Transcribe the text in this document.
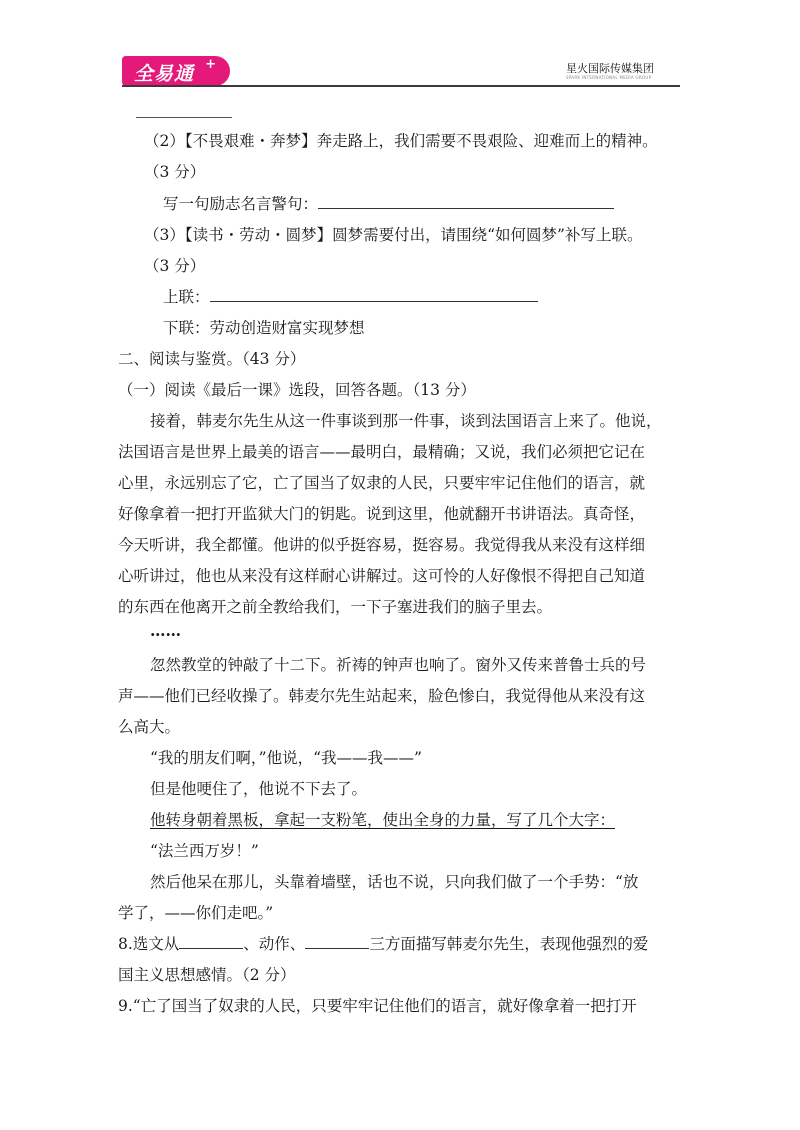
全易通 +	星火国际传媒集团
SPARK INTERNATIONAL MEDIA GROUP
（2）【不畏艰难・奔梦】奔走路上，我们需要不畏艰险、迎难而上的精神。
（3 分）
写一句励志名言警句：
（3）【读书・劳动・圆梦】圆梦需要付出，请围绕“如何圆梦”补写上联。
（3 分）
上联：
下联：劳动创造财富实现梦想
二、阅读与鉴赏。（43 分）
（一）阅读《最后一课》选段，回答各题。（13 分）
接着，韩麦尔先生从这一件事谈到那一件事，谈到法国语言上来了。他说，
法国语言是世界上最美的语言——最明白，最精确；又说，我们必须把它记在
心里，永远别忘了它，亡了国当了奴隶的人民，只要牢牢记住他们的语言，就
好像拿着一把打开监狱大门的钥匙。说到这里，他就翻开书讲语法。真奇怪，
今天听讲，我全都懂。他讲的似乎挺容易，挺容易。我觉得我从来没有这样细
心听讲过，他也从来没有这样耐心讲解过。这可怜的人好像恨不得把自己知道
的东西在他离开之前全教给我们，一下子塞进我们的脑子里去。
……
忽然教堂的钟敲了十二下。祈祷的钟声也响了。窗外又传来普鲁士兵的号
声——他们已经收操了。韩麦尔先生站起来，脸色惨白，我觉得他从来没有这
么高大。
“我的朋友们啊，”他说，“我——我——”
但是他哽住了，他说不下去了。
他转身朝着黑板，拿起一支粉笔，使出全身的力量，写了几个大字：
“法兰西万岁！”
然后他呆在那儿，头靠着墙壁，话也不说，只向我们做了一个手势：“放
学了，——你们走吧。”
8.选文从	、动作、	三方面描写韩麦尔先生，表现他强烈的爱
国主义思想感情。（2 分）
9.“亡了国当了奴隶的人民，只要牢牢记住他们的语言，就好像拿着一把打开
